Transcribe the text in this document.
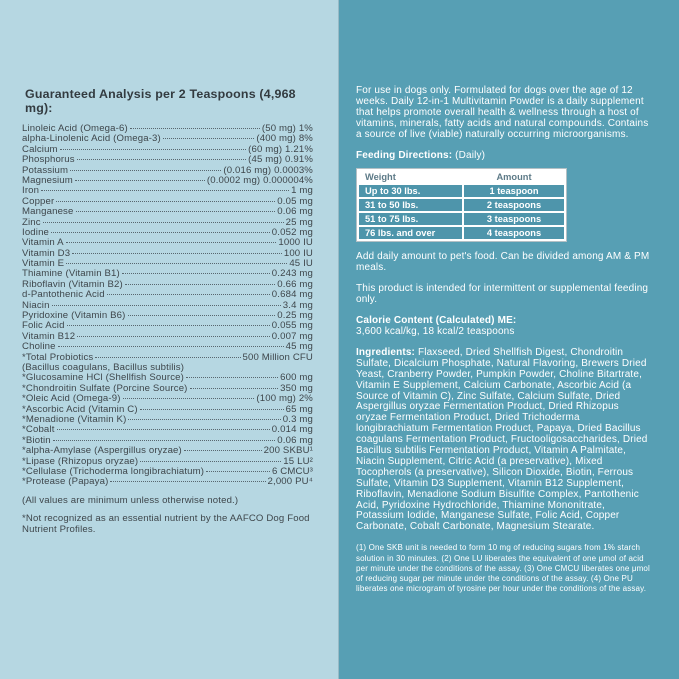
Guaranteed Analysis per 2 Teaspoons (4,968 mg):
Linoleic Acid (Omega-6)	(50 mg) 1%
alpha-Linolenic Acid (Omega-3)	(400 mg) 8%
Calcium	(60 mg) 1.21%
Phosphorus	(45 mg) 0.91%
Potassium	(0.016 mg) 0.0003%
Magnesium	(0.0002 mg) 0.000004%
Iron	1 mg
Copper	0.05 mg
Manganese	0.06 mg
Zinc	25 mg
Iodine	0.052 mg
Vitamin A	1000 IU
Vitamin D3	100 IU
Vitamin E	45 IU
Thiamine (Vitamin B1)	0.243 mg
Riboflavin (Vitamin B2)	0.66 mg
d-Pantothenic Acid	0.684 mg
Niacin	3.4 mg
Pyridoxine (Vitamin B6)	0.25 mg
Folic Acid	0.055 mg
Vitamin B12	0.007 mg
Choline	45 mg
*Total Probiotics	500 Million CFU
(Bacillus coagulans, Bacillus subtilis)
*Glucosamine HCl (Shellfish Source)	600 mg
*Chondroitin Sulfate (Porcine Source)	350 mg
*Oleic Acid (Omega-9)	(100 mg) 2%
*Ascorbic Acid (Vitamin C)	65 mg
*Menadione (Vitamin K)	0.3 mg
*Cobalt	0.014 mg
*Biotin	0.06 mg
*alpha-Amylase (Aspergillus oryzae)	200 SKBU¹
*Lipase (Rhizopus oryzae)	15 LU²
*Cellulase (Trichoderma longibrachiatum)	6 CMCU³
*Protease (Papaya)	2,000 PU⁴

(All values are minimum unless otherwise noted.)

*Not recognized as an essential nutrient by the AAFCO Dog Food Nutrient Profiles.

For use in dogs only. Formulated for dogs over the age of 12 weeks. Daily 12-in-1 Multivitamin Powder is a daily supplement that helps promote overall health & wellness through a host of vitamins, minerals, fatty acids and natural compounds. Contains a source of live (viable) naturally occurring microorganisms.

Feeding Directions: (Daily)

Weight	Amount
Up to 30 lbs.	1 teaspoon
31 to 50 lbs.	2 teaspoons
51 to 75 lbs.	3 teaspoons
76 lbs. and over	4 teaspoons

Add daily amount to pet's food. Can be divided among AM & PM meals.

This product is intended for intermittent or supplemental feeding only.

Calorie Content (Calculated) ME:

3,600 kcal/kg, 18 kcal/2 teaspoons

Ingredients: Flaxseed, Dried Shellfish Digest, Chondroitin Sulfate, Dicalcium Phosphate, Natural Flavoring, Brewers Dried Yeast, Cranberry Powder, Pumpkin Powder, Choline Bitartrate, Vitamin E Supplement, Calcium Carbonate, Ascorbic Acid (a Source of Vitamin C), Zinc Sulfate, Calcium Sulfate, Dried Aspergillus oryzae Fermentation Product, Dried Rhizopus oryzae Fermentation Product, Dried Trichoderma longibrachiatum Fermentation Product, Papaya, Dried Bacillus coagulans Fermentation Product, Fructooligosaccharides, Dried Bacillus subtilis Fermentation Product, Vitamin A Palmitate, Niacin Supplement, Citric Acid (a preservative), Mixed Tocopherols (a preservative), Silicon Dioxide, Biotin, Ferrous Sulfate, Vitamin D3 Supplement, Vitamin B12 Supplement, Riboflavin, Menadione Sodium Bisulfite Complex, Pantothenic Acid, Pyridoxine Hydrochloride, Thiamine Mononitrate, Potassium Iodide, Manganese Sulfate, Folic Acid, Copper Carbonate, Cobalt Carbonate, Magnesium Stearate.

(1) One SKB unit is needed to form 10 mg of reducing sugars from 1% starch solution in 30 minutes. (2) One LU liberates the equivalent of one μmol of acid per minute under the conditions of the assay. (3) One CMCU liberates one μmol of reducing sugar per minute under the conditions of the assay. (4) One PU liberates one microgram of tyrosine per hour under the conditions of the assay.
